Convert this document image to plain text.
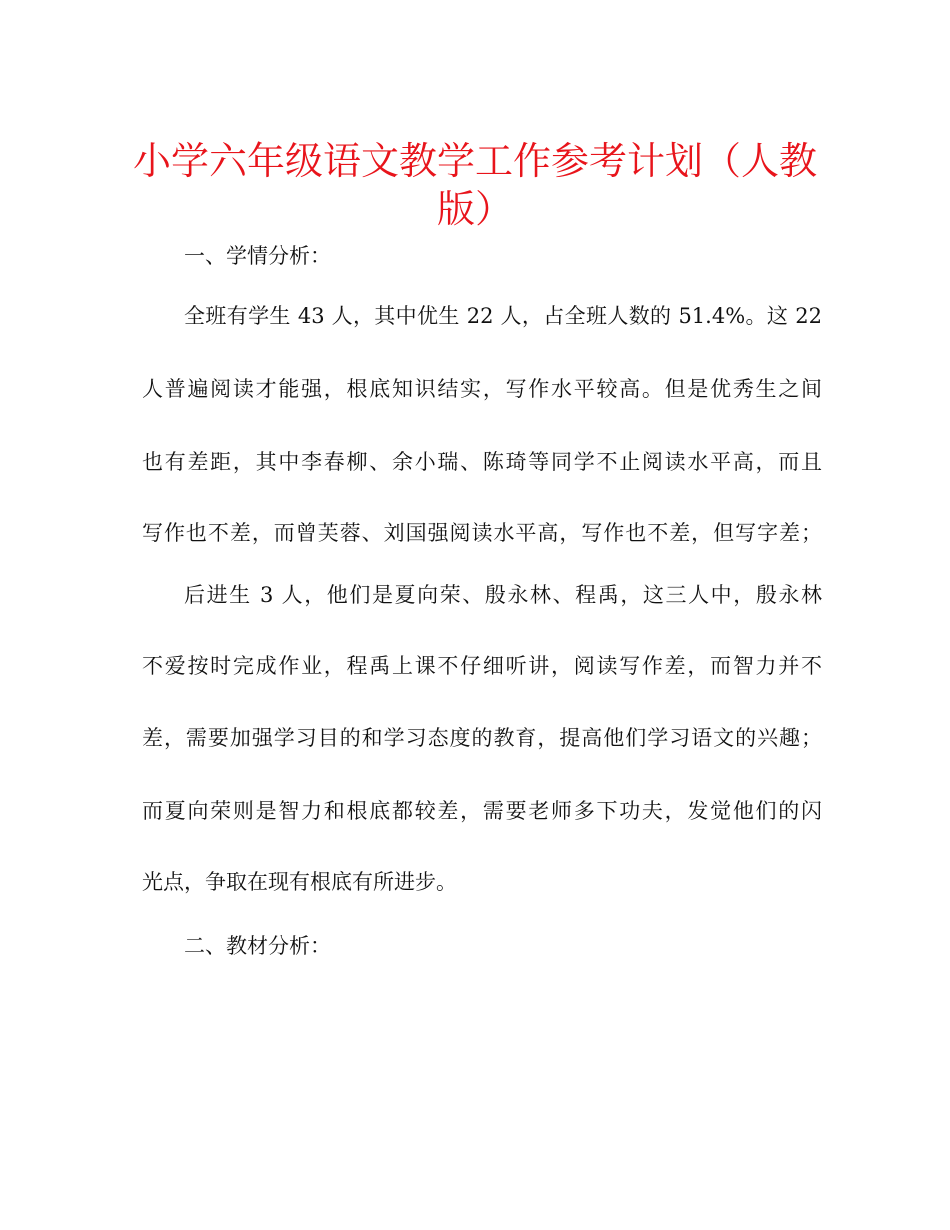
小学六年级语文教学工作参考计划（人教
版）
一、学情分析：
全班有学生 43 人，其中优生 22 人，占全班人数的 51.4%。这 22
人普遍阅读才能强，根底知识结实，写作水平较高。但是优秀生之间
也有差距，其中李春柳、余小瑞、陈琦等同学不止阅读水平高，而且
写作也不差，而曾芙蓉、刘国强阅读水平高，写作也不差，但写字差；
后进生 3 人，他们是夏向荣、殷永林、程禹，这三人中，殷永林
不爱按时完成作业，程禹上课不仔细听讲，阅读写作差，而智力并不
差，需要加强学习目的和学习态度的教育，提高他们学习语文的兴趣；
而夏向荣则是智力和根底都较差，需要老师多下功夫，发觉他们的闪
光点，争取在现有根底有所进步。
二、教材分析：
